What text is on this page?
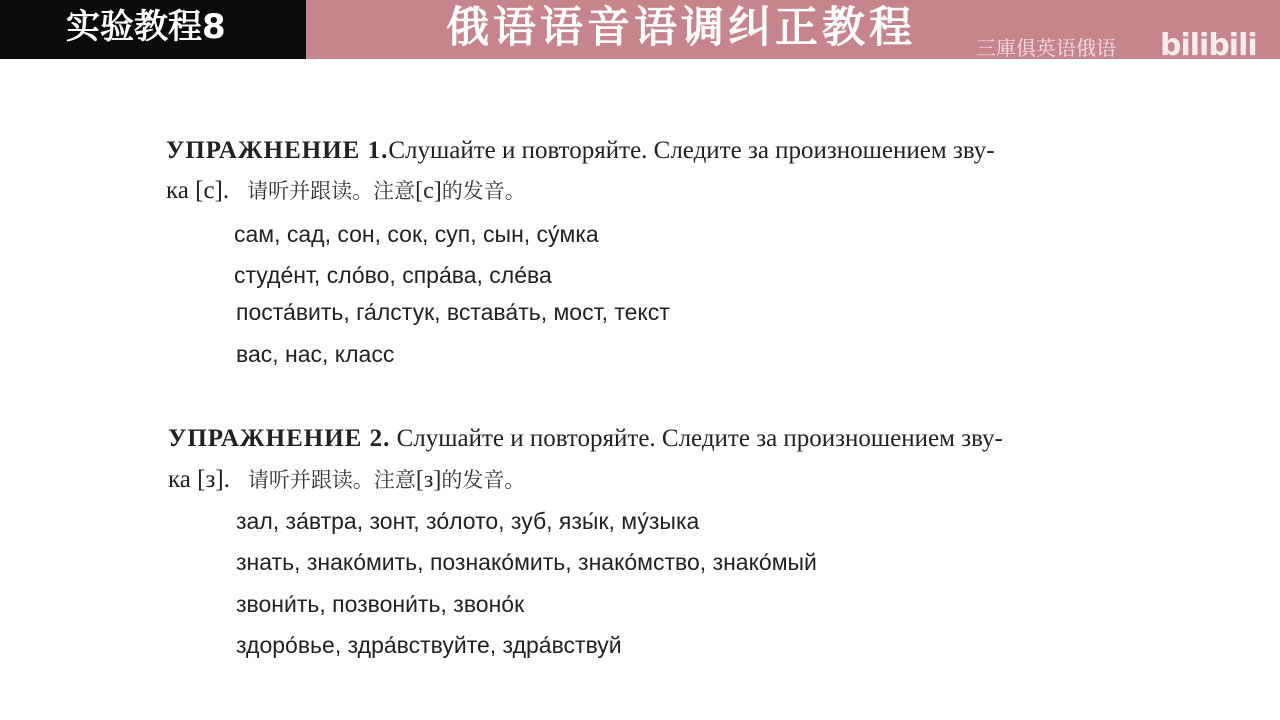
实验教程8	俄语语音语调纠正教程	三庫俱英语俄语 bilibili
УПРАЖНЕНИЕ 1.Слушайте и повторяйте. Следите за произношением зву-
ка [с]. 请听并跟读。注意[с]的发音。
сам, сад, сон, сок, суп, сын, су́мка
студе́нт, сло́во, спра́ва, сле́ва
поста́вить, га́лстук, встава́ть, мост, текст
вас, нас, класс
УПРАЖНЕНИЕ 2. Слушайте и повторяйте. Следите за произношением зву-
ка [з]. 请听并跟读。注意[з]的发音。
зал, за́втра, зонт, зо́лото, зуб, язы́к, му́зыка
знать, знако́мить, познако́мить, знако́мство, знако́мый
звони́ть, позвони́ть, звоно́к
здоро́вье, здра́вствуйте, здра́вствуй
